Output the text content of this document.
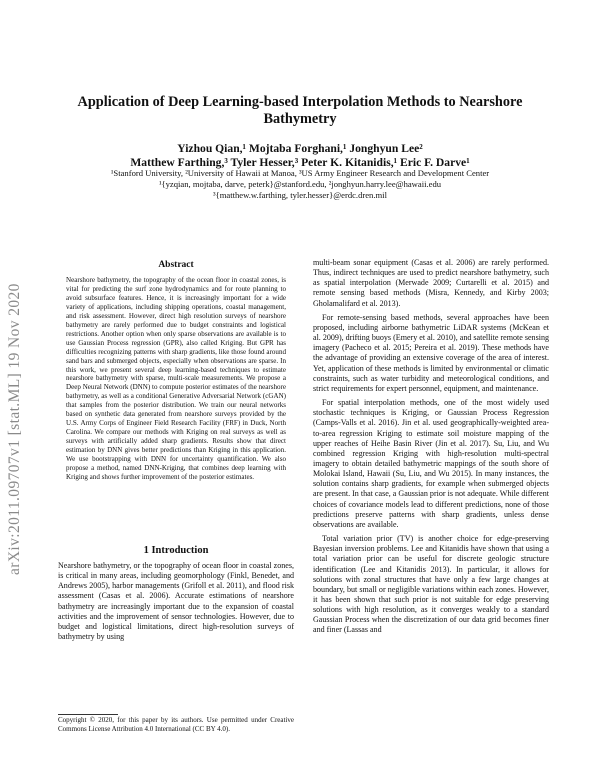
arXiv:2011.09707v1 [stat.ML] 19 Nov 2020
Application of Deep Learning-based Interpolation Methods to Nearshore
Bathymetry
Yizhou Qian,¹ Mojtaba Forghani,¹ Jonghyun Lee²
Matthew Farthing,³ Tyler Hesser,³ Peter K. Kitanidis,¹ Eric F. Darve¹
¹Stanford University, ²University of Hawaii at Manoa, ³US Army Engineer Research and Development Center
¹{yzqian, mojtaba, darve, peterk}@stanford.edu, ²jonghyun.harry.lee@hawaii.edu
³{matthew.w.farthing, tyler.hesser}@erdc.dren.mil
Abstract
Nearshore bathymetry, the topography of the ocean floor in coastal zones, is vital for predicting the surf zone hydrodynamics and for route planning to avoid subsurface features. Hence, it is increasingly important for a wide variety of applications, including shipping operations, coastal management, and risk assessment. However, direct high resolution surveys of nearshore bathymetry are rarely performed due to budget constraints and logistical restrictions. Another option when only sparse observations are available is to use Gaussian Process regression (GPR), also called Kriging. But GPR has difficulties recognizing patterns with sharp gradients, like those found around sand bars and submerged objects, especially when observations are sparse. In this work, we present several deep learning-based techniques to estimate nearshore bathymetry with sparse, multi-scale measurements. We propose a Deep Neural Network (DNN) to compute posterior estimates of the nearshore bathymetry, as well as a conditional Generative Adversarial Network (cGAN) that samples from the posterior distribution. We train our neural networks based on synthetic data generated from nearshore surveys provided by the U.S. Army Corps of Engineer Field Research Facility (FRF) in Duck, North Carolina. We compare our methods with Kriging on real surveys as well as surveys with artificially added sharp gradients. Results show that direct estimation by DNN gives better predictions than Kriging in this application. We use bootstrapping with DNN for uncertainty quantification. We also propose a method, named DNN-Kriging, that combines deep learning with Kriging and shows further improvement of the posterior estimates.
1 Introduction
Nearshore bathymetry, or the topography of ocean floor in coastal zones, is critical in many areas, including geomorphology (Finkl, Benedet, and Andrews 2005), harbor managements (Grifoll et al. 2011), and flood risk assessment (Casas et al. 2006). Accurate estimations of nearshore bathymetry are increasingly important due to the expansion of coastal activities and the improvement of sensor technologies. However, due to budget and logistical limitations, direct high-resolution surveys of bathymetry by using
Copyright © 2020, for this paper by its authors. Use permitted under Creative Commons License Attribution 4.0 International (CC BY 4.0).

multi-beam sonar equipment (Casas et al. 2006) are rarely performed. Thus, indirect techniques are used to predict nearshore bathymetry, such as spatial interpolation (Merwade 2009; Curtarelli et al. 2015) and remote sensing based methods (Misra, Kennedy, and Kirby 2003; Gholamalifard et al. 2013).

For remote-sensing based methods, several approaches have been proposed, including airborne bathymetric LiDAR systems (McKean et al. 2009), drifting buoys (Emery et al. 2010), and satellite remote sensing imagery (Pacheco et al. 2015; Pereira et al. 2019). These methods have the advantage of providing an extensive coverage of the area of interest. Yet, application of these methods is limited by environmental or climatic constraints, such as water turbidity and meteorological conditions, and strict requirements for expert personnel, equipment, and maintenance.

For spatial interpolation methods, one of the most widely used stochastic techniques is Kriging, or Gaussian Process Regression (Camps-Valls et al. 2016). Jin et al. used geographically-weighted area-to-area regression Kriging to estimate soil moisture mapping of the upper reaches of Heihe Basin River (Jin et al. 2017). Su, Liu, and Wu combined regression Kriging with high-resolution multi-spectral imagery to obtain detailed bathymetric mappings of the south shore of Molokai Island, Hawaii (Su, Liu, and Wu 2015). In many instances, the solution contains sharp gradients, for example when submerged objects are present. In that case, a Gaussian prior is not adequate. While different choices of covariance models lead to different predictions, none of those predictions preserve patterns with sharp gradients, unless dense observations are available.

Total variation prior (TV) is another choice for edge-preserving Bayesian inversion problems. Lee and Kitanidis have shown that using a total variation prior can be useful for discrete geologic structure identification (Lee and Kitanidis 2013). In particular, it allows for solutions with zonal structures that have only a few large changes at boundary, but small or negligible variations within each zones. However, it has been shown that such prior is not suitable for edge preserving solutions with high resolution, as it converges weakly to a standard Gaussian Process when the discretization of our data grid becomes finer and finer (Lassas and
